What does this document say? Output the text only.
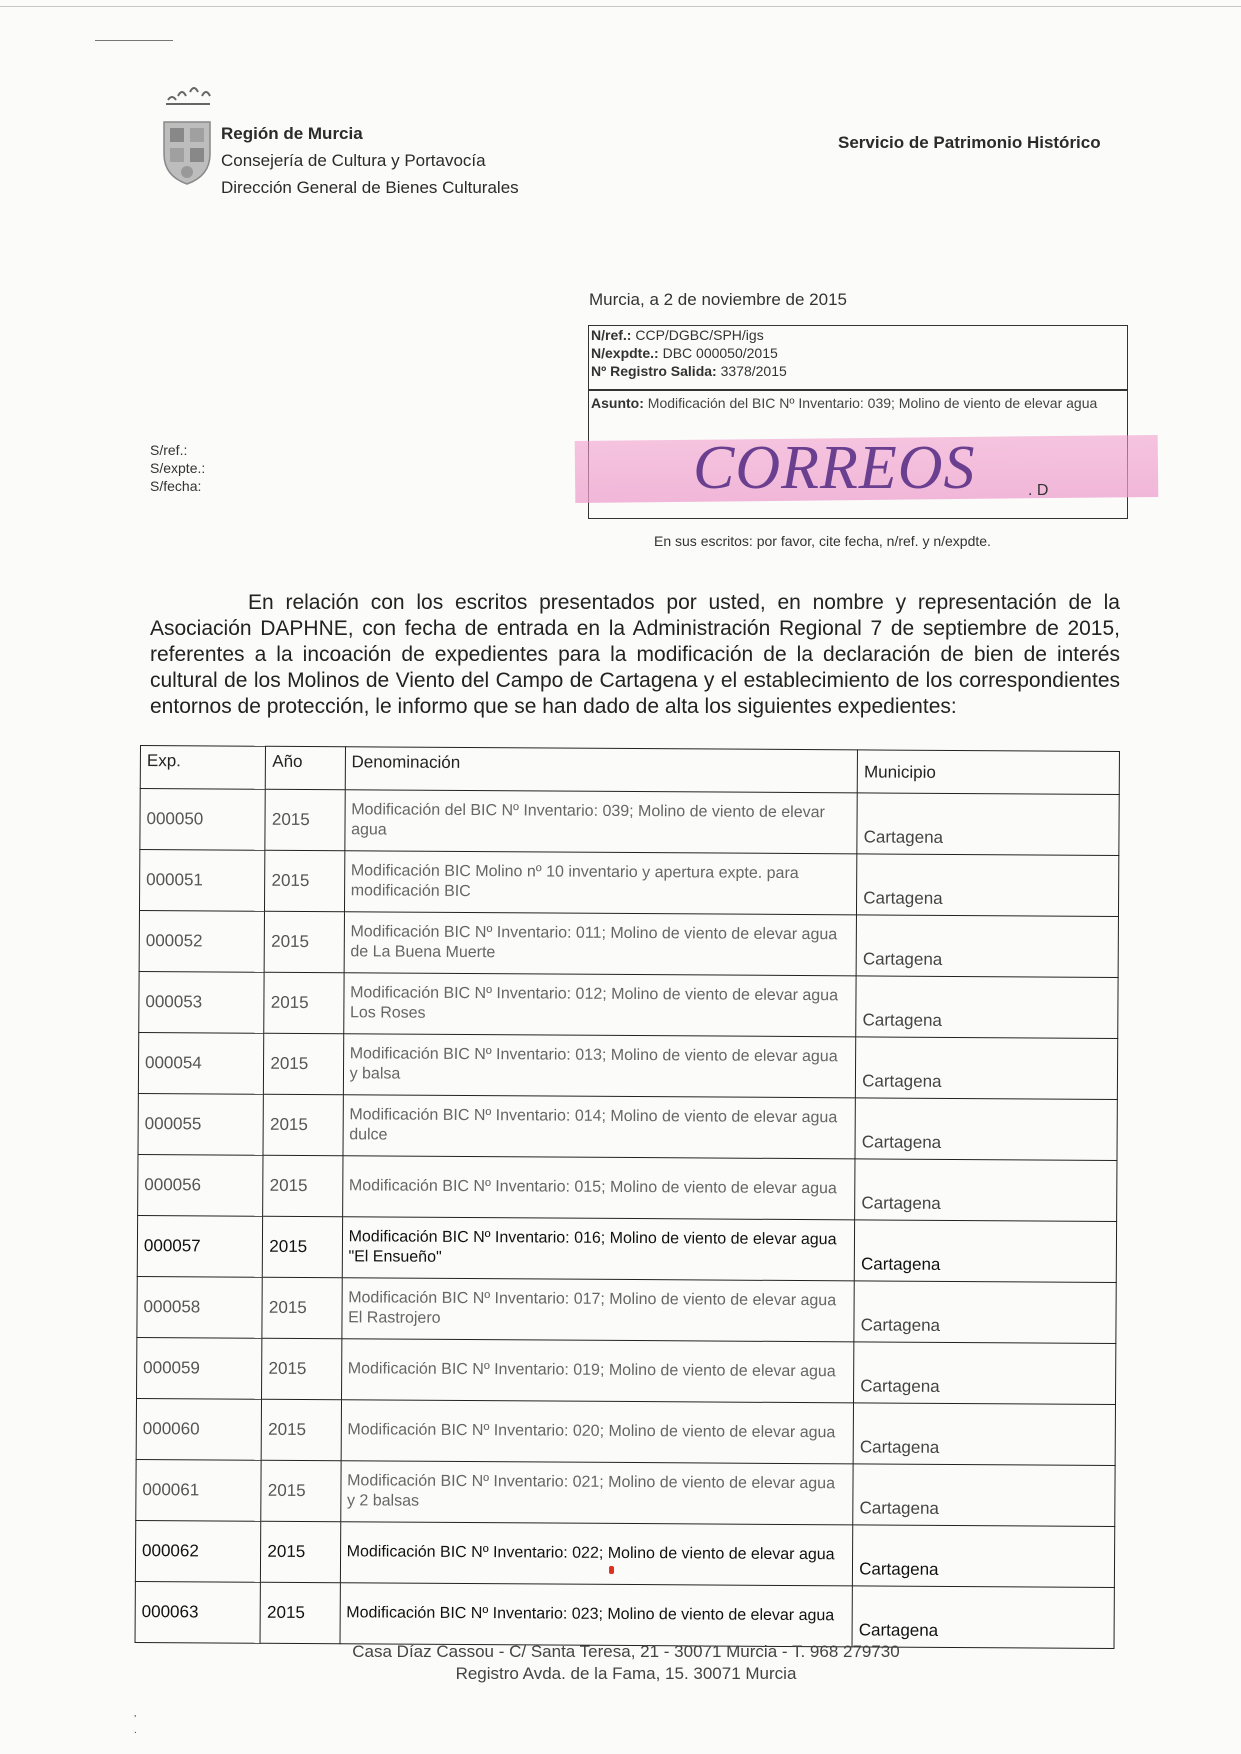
Región de Murcia
Consejería de Cultura y Portavocía
Dirección General de Bienes Culturales
Servicio de Patrimonio Histórico
Murcia, a 2 de noviembre de 2015
N/ref.: CCP/DGBC/SPH/igs
N/expdte.: DBC 000050/2015
Nº Registro Salida: 3378/2015
Asunto: Modificación del BIC Nº Inventario: 039; Molino de viento de elevar agua
CORREOS	. D
S/ref.:
S/expte.:
S/fecha:
En sus escritos: por favor, cite fecha, n/ref. y n/expdte.
En relación con los escritos presentados por usted, en nombre y representación de la Asociación DAPHNE, con fecha de entrada en la Administración Regional 7 de septiembre de 2015, referentes a la incoación de expedientes para la modificación de la declaración de bien de interés cultural de los Molinos de Viento del Campo de Cartagena y el establecimiento de los correspondientes entornos de protección, le informo que se han dado de alta los siguientes expedientes:
Exp.	Año	Denominación	Municipio
000050	2015	Modificación del BIC Nº Inventario: 039; Molino de viento de elevar agua	Cartagena
000051	2015	Modificación BIC Molino nº 10 inventario y apertura expte. para modificación BIC	Cartagena
000052	2015	Modificación BIC Nº Inventario: 011; Molino de viento de elevar agua de La Buena Muerte	Cartagena
000053	2015	Modificación BIC Nº Inventario: 012; Molino de viento de elevar agua Los Roses	Cartagena
000054	2015	Modificación BIC Nº Inventario: 013; Molino de viento de elevar agua y balsa	Cartagena
000055	2015	Modificación BIC Nº Inventario: 014; Molino de viento de elevar agua dulce	Cartagena
000056	2015	Modificación BIC Nº Inventario: 015; Molino de viento de elevar agua	Cartagena
000057	2015	Modificación BIC Nº Inventario: 016; Molino de viento de elevar agua "El Ensueño"	Cartagena
000058	2015	Modificación BIC Nº Inventario: 017; Molino de viento de elevar agua El Rastrojero	Cartagena
000059	2015	Modificación BIC Nº Inventario: 019; Molino de viento de elevar agua	Cartagena
000060	2015	Modificación BIC Nº Inventario: 020; Molino de viento de elevar agua	Cartagena
000061	2015	Modificación BIC Nº Inventario: 021; Molino de viento de elevar agua y 2 balsas	Cartagena
000062	2015	Modificación BIC Nº Inventario: 022; Molino de viento de elevar agua	Cartagena
000063	2015	Modificación BIC Nº Inventario: 023; Molino de viento de elevar agua	Cartagena
Casa Díaz Cassou - C/ Santa Teresa, 21 - 30071 Murcia - T. 968 279730
Registro Avda. de la Fama, 15. 30071 Murcia
’
.
